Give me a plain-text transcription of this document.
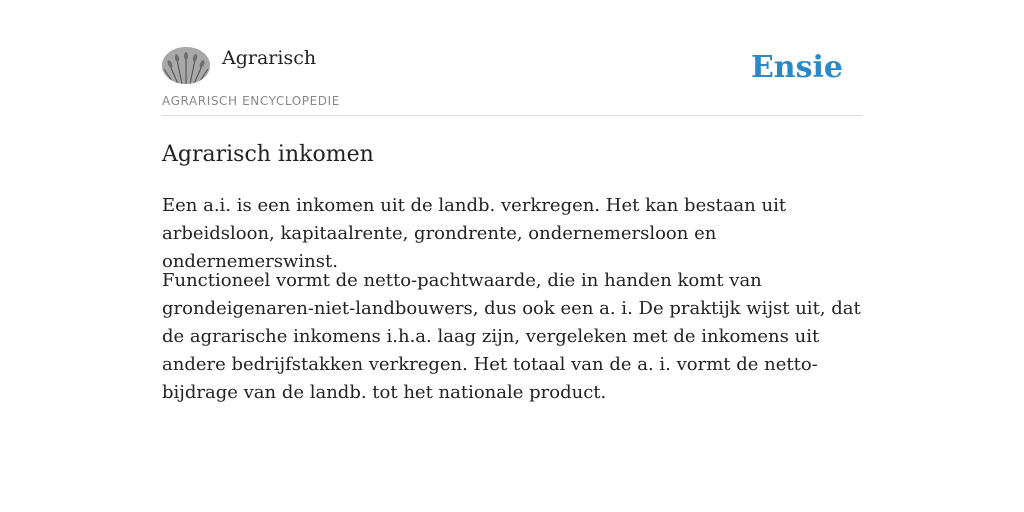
Agrarisch
AGRARISCH ENCYCLOPEDIE
Ensie
Agrarisch inkomen

Een a.i. is een inkomen uit de landb. verkregen. Het kan bestaan uit arbeidsloon, kapitaalrente, grondrente, ondernemersloon en ondernemerswinst.

Functioneel vormt de netto-pachtwaarde, die in handen komt van grondeigenaren-niet-landbouwers, dus ook een a. i. De praktijk wijst uit, dat de agrarische inkomens i.h.a. laag zijn, vergeleken met de inkomens uit andere bedrijfstakken verkregen. Het totaal van de a. i. vormt de netto-bijdrage van de landb. tot het nationale product.
